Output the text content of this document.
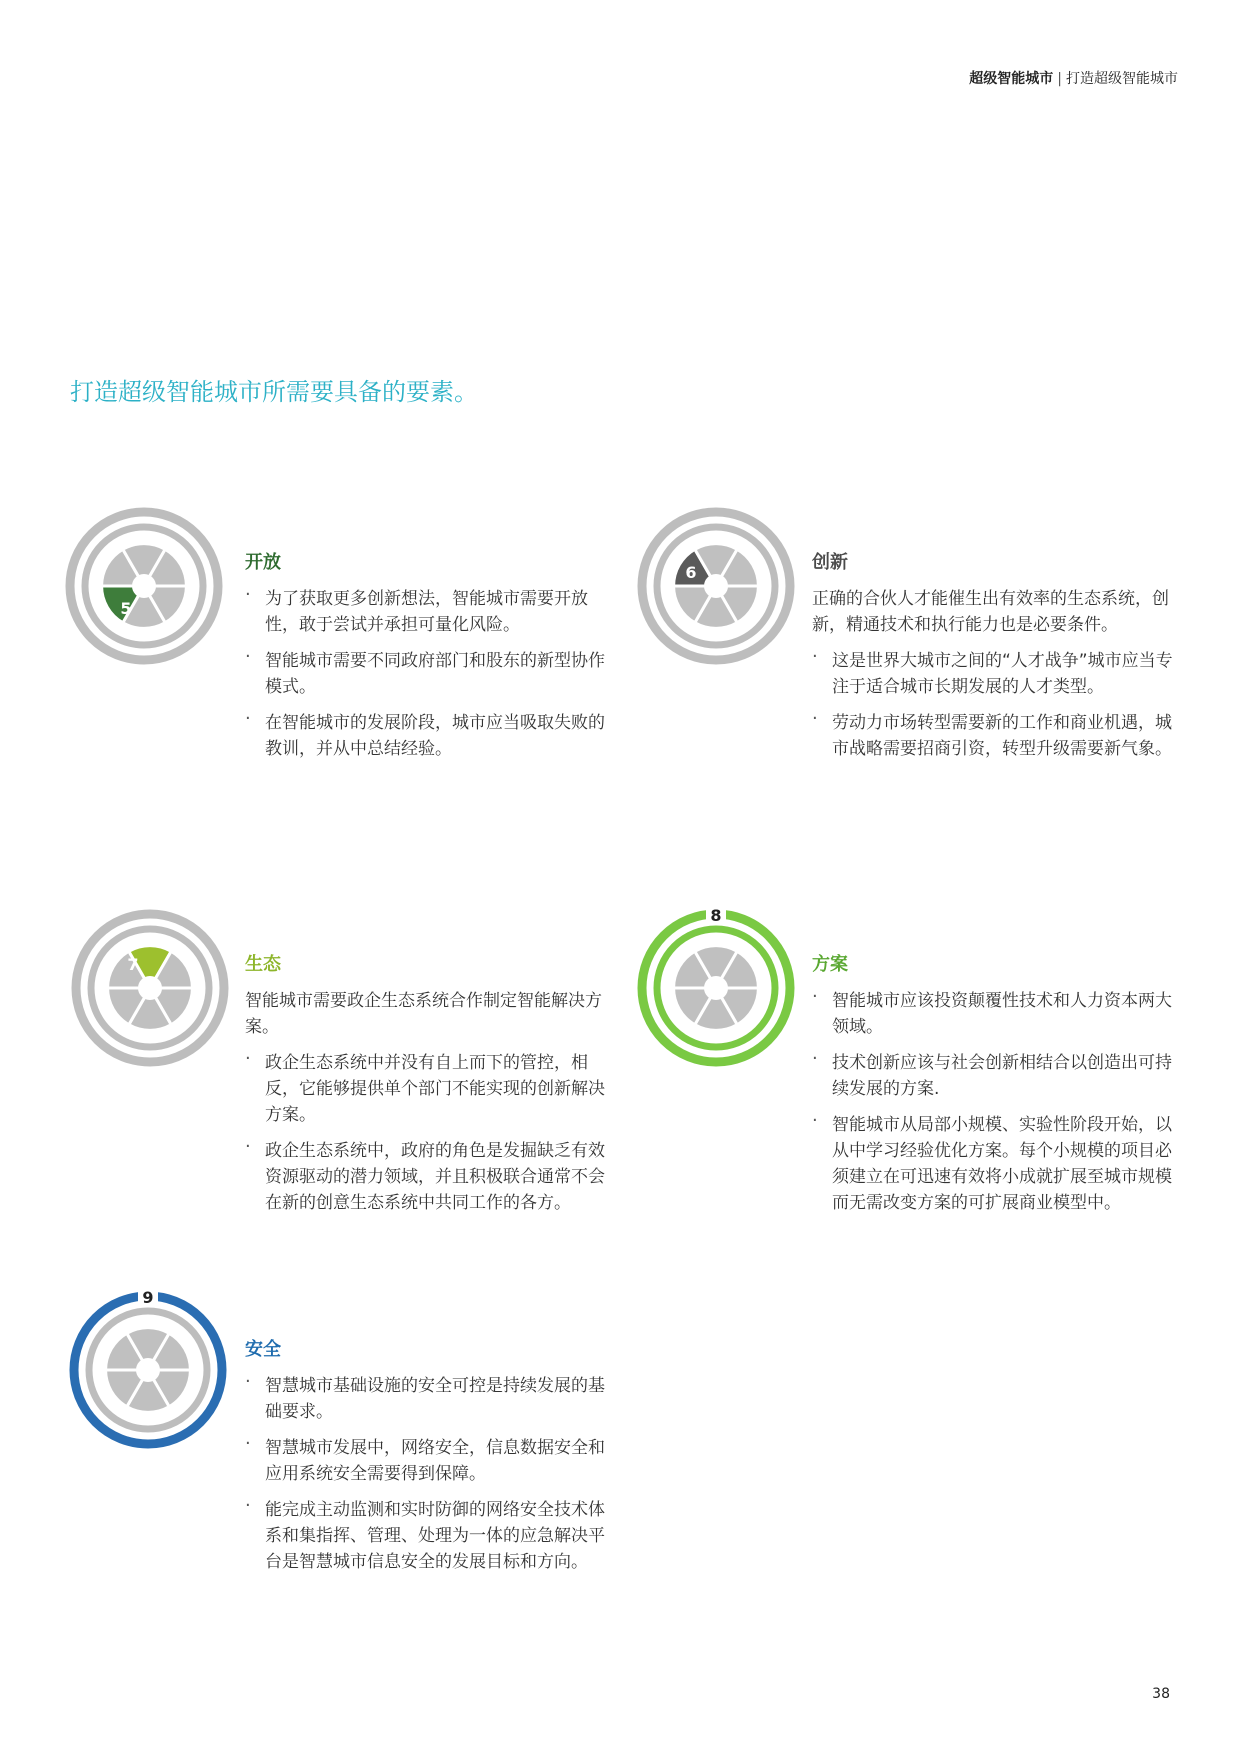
超级智能城市 | 打造超级智能城市
打造超级智能城市所需要具备的要素。
5
开放
· 为了获取更多创新想法，智能城市需要开放性，敢于尝试并承担可量化风险。
· 智能城市需要不同政府部门和股东的新型协作模式。
· 在智能城市的发展阶段，城市应当吸取失败的教训，并从中总结经验。
6	创新

正确的合伙人才能催生出有效率的生态系统，创新，精通技术和执行能力也是必要条件。

· 这是世界大城市之间的“人才战争”城市应当专注于适合城市长期发展的人才类型。
· 劳动力市场转型需要新的工作和商业机遇，城市战略需要招商引资，转型升级需要新气象。
7	生态

智能城市需要政企生态系统合作制定智能解决方案。

· 政企生态系统中并没有自上而下的管控，相反，它能够提供单个部门不能实现的创新解决方案。
· 政企生态系统中，政府的角色是发掘缺乏有效资源驱动的潜力领域，并且积极联合通常不会在新的创意生态系统中共同工作的各方。
8
方案
· 智能城市应该投资颠覆性技术和人力资本两大领域。
· 技术创新应该与社会创新相结合以创造出可持续发展的方案.
· 智能城市从局部小规模、实验性阶段开始，以从中学习经验优化方案。每个小规模的项目必须建立在可迅速有效将小成就扩展至城市规模而无需改变方案的可扩展商业模型中。
9
安全
· 智慧城市基础设施的安全可控是持续发展的基础要求。
· 智慧城市发展中，网络安全，信息数据安全和应用系统安全需要得到保障。
· 能完成主动监测和实时防御的网络安全技术体系和集指挥、管理、处理为一体的应急解决平台是智慧城市信息安全的发展目标和方向。
38
